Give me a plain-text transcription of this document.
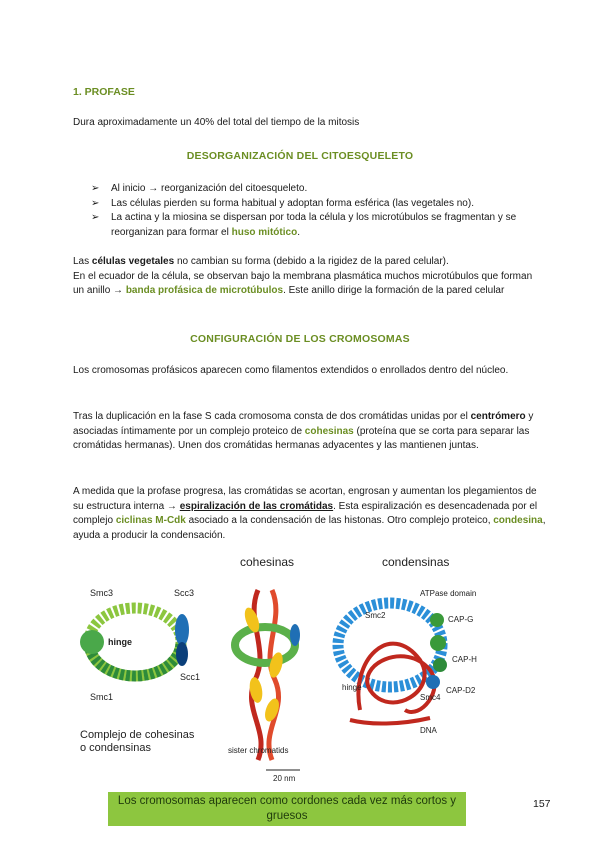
1. PROFASE
Dura aproximadamente un 40% del total del tiempo de la mitosis
DESORGANIZACIÓN DEL CITOESQUELETO
➢ Al inicio → reorganización del citoesqueleto.
➢ Las células pierden su forma habitual y adoptan forma esférica (las vegetales no).
➢ La actina y la miosina se dispersan por toda la célula y los microtúbulos se fragmentan y se reorganizan para formar el huso mitótico.
Las células vegetales no cambian su forma (debido a la rigidez de la pared celular).
En el ecuador de la célula, se observan bajo la membrana plasmática muchos microtúbulos que forman un anillo → banda profásica de microtúbulos. Este anillo dirige la formación de la pared celular
CONFIGURACIÓN DE LOS CROMOSOMAS
Los cromosomas profásicos aparecen como filamentos extendidos o enrollados dentro del núcleo.
Tras la duplicación en la fase S cada cromosoma consta de dos cromátidas unidas por el centrómero y asociadas íntimamente por un complejo proteico de cohesinas (proteína que se corta para separar las cromátidas hermanas). Unen dos cromátidas hermanas adyacentes y las mantienen juntas.
A medida que la profase progresa, las cromátidas se acortan, engrosan y aumentan los plegamientos de su estructura interna → espiralización de las cromátidas. Esta espiralización es desencadenada por el complejo ciclinas M-Cdk asociado a la condensación de las histonas. Otro complejo proteico, condesina, ayuda a producir la condensación.
cohesinas	condensinas
Smc3	Scc3
hinge
Scc1
Smc1
Complejo de cohesinas
o condensinas	sister chromatids
20 nm
ATPase domain
Smc2	CAP-G
CAP-H
CAP-D2
Smc4
hinge
DNA
Los cromosomas aparecen como cordones cada vez más cortos y gruesos
157
